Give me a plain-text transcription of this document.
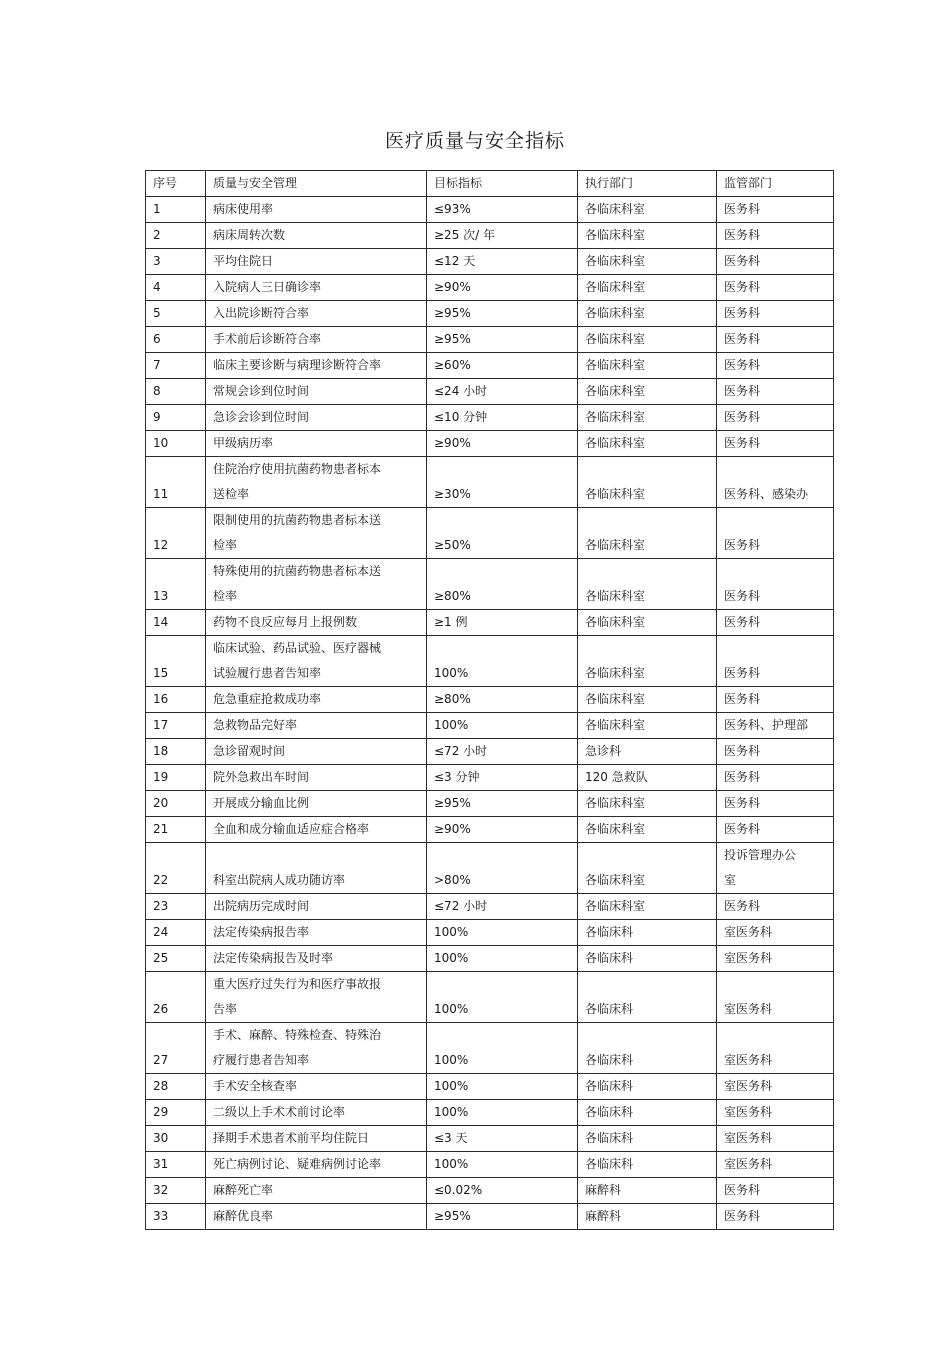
医疗质量与安全指标
序号	质量与安全管理	目标指标	执行部门	监管部门
1	病床使用率	≤93%	各临床科室	医务科
2	病床周转次数	≥25 次/ 年	各临床科室	医务科
3	平均住院日	≤12 天	各临床科室	医务科
4	入院病人三日确诊率	≥90%	各临床科室	医务科
5	入出院诊断符合率	≥95%	各临床科室	医务科
6	手术前后诊断符合率	≥95%	各临床科室	医务科
7	临床主要诊断与病理诊断符合率	≥60%	各临床科室	医务科
8	常规会诊到位时间	≤24 小时	各临床科室	医务科
9	急诊会诊到位时间	≤10 分钟	各临床科室	医务科
10	甲级病历率	≥90%	各临床科室	医务科
11	住院治疗使用抗菌药物患者标本
送检率	≥30%	各临床科室	医务科、感染办
12	限制使用的抗菌药物患者标本送
检率	≥50%	各临床科室	医务科
13	特殊使用的抗菌药物患者标本送
检率	≥80%	各临床科室	医务科
14	药物不良反应每月上报例数	≥1 例	各临床科室	医务科
15	临床试验、药品试验、医疗器械
试验履行患者告知率	100%	各临床科室	医务科
16	危急重症抢救成功率	≥80%	各临床科室	医务科
17	急救物品完好率	100%	各临床科室	医务科、护理部
18	急诊留观时间	≤72 小时	急诊科	医务科
19	院外急救出车时间	≤3 分钟	120 急救队	医务科
20	开展成分输血比例	≥95%	各临床科室	医务科
21	全血和成分输血适应症合格率	≥90%	各临床科室	医务科
22	科室出院病人成功随访率	>80%	各临床科室	投诉管理办公
室
23	出院病历完成时间	≤72 小时	各临床科室	医务科
24	法定传染病报告率	100%	各临床科	室医务科
25	法定传染病报告及时率	100%	各临床科	室医务科
26	重大医疗过失行为和医疗事故报
告率	100%	各临床科	室医务科
27	手术、麻醉、特殊检查、特殊治
疗履行患者告知率	100%	各临床科	室医务科
28	手术安全核查率	100%	各临床科	室医务科
29	二级以上手术术前讨论率	100%	各临床科	室医务科
30	择期手术患者术前平均住院日	≤3 天	各临床科	室医务科
31	死亡病例讨论、疑难病例讨论率	100%	各临床科	室医务科
32	麻醉死亡率	≤0.02%	麻醉科	医务科
33	麻醉优良率	≥95%	麻醉科	医务科
